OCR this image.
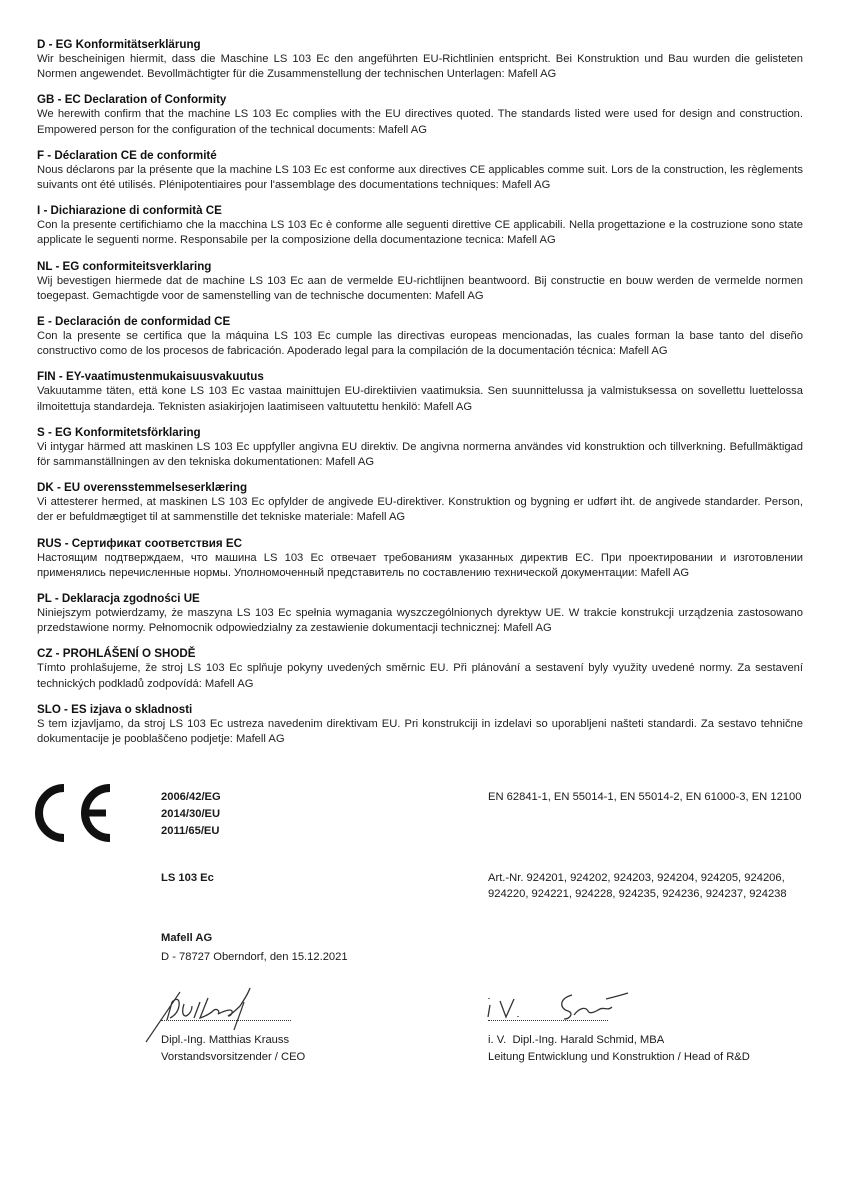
D - EG Konformitätserklärung

Wir bescheinigen hiermit, dass die Maschine LS 103 Ec den angeführten EU-Richtlinien entspricht. Bei Konstruktion und Bau wurden die gelisteten Normen angewendet. Bevollmächtigter für die Zusammenstellung der technischen Unterlagen: Mafell AG

GB - EC Declaration of Conformity

We herewith confirm that the machine LS 103 Ec complies with the EU directives quoted. The standards listed were used for design and construction. Empowered person for the configuration of the technical documents: Mafell AG

F - Déclaration CE de conformité

Nous déclarons par la présente que la machine LS 103 Ec est conforme aux directives CE applicables comme suit. Lors de la construction, les règlements suivants ont été utilisés. Plénipotentiaires pour l'assemblage des documentations techniques: Mafell AG

I - Dichiarazione di conformità CE

Con la presente certifichiamo che la macchina LS 103 Ec è conforme alle seguenti direttive CE applicabili. Nella progettazione e la costruzione sono state applicate le seguenti norme. Responsabile per la composizione della documentazione tecnica: Mafell AG

NL - EG conformiteitsverklaring

Wij bevestigen hiermede dat de machine LS 103 Ec aan de vermelde EU-richtlijnen beantwoord. Bij constructie en bouw werden de vermelde normen toegepast. Gemachtigde voor de samenstelling van de technische documenten: Mafell AG

E - Declaración de conformidad CE

Con la presente se certifica que la máquina LS 103 Ec cumple las directivas europeas mencionadas, las cuales forman la base tanto del diseño constructivo como de los procesos de fabricación. Apoderado legal para la compilación de la documentación técnica: Mafell AG

FIN - EY-vaatimustenmukaisuusvakuutus

Vakuutamme täten, että kone LS 103 Ec vastaa mainittujen EU-direktiivien vaatimuksia. Sen suunnittelussa ja valmistuksessa on sovellettu luettelossa ilmoitettuja standardeja. Teknisten asiakirjojen laatimiseen valtuutettu henkilö: Mafell AG

S - EG Konformitetsförklaring

Vi intygar härmed att maskinen LS 103 Ec uppfyller angivna EU direktiv. De angivna normerna användes vid konstruktion och tillverkning. Befullmäktigad för sammanställningen av den tekniska dokumentationen: Mafell AG

DK - EU overensstemmelseserklæring

Vi attesterer hermed, at maskinen LS 103 Ec opfylder de angivede EU-direktiver. Konstruktion og bygning er udført iht. de angivede standarder. Person, der er befuldmægtiget til at sammenstille det tekniske materiale: Mafell AG

RUS - Сертификат соответствия ЕС

Настоящим подтверждаем, что машина LS 103 Ec отвечает требованиям указанных директив ЕС. При проектировании и изготовлении применялись перечисленные нормы. Уполномоченный представитель по составлению технической документации: Mafell AG

PL - Deklaracja zgodności UE

Niniejszym potwierdzamy, że maszyna LS 103 Ec spełnia wymagania wyszczególnionych dyrektyw UE. W trakcie konstrukcji urządzenia zastosowano przedstawione normy. Pełnomocnik odpowiedzialny za zestawienie dokumentacji technicznej: Mafell AG

CZ - PROHLÁŠENÍ O SHODĚ

Tímto prohlašujeme, že stroj LS 103 Ec splňuje pokyny uvedených směrnic EU. Při plánování a sestavení byly využity uvedené normy. Za sestavení technických podkladů zodpovídá: Mafell AG

SLO - ES izjava o skladnosti

S tem izjavljamo, da stroj LS 103 Ec ustreza navedenim direktivam EU. Pri konstrukciji in izdelavi so uporabljeni našteti standardi. Za sestavo tehnične dokumentacije je pooblaščeno podjetje: Mafell AG

2006/42/EG
2014/30/EU
2011/65/EU
EN 62841-1, EN 55014-1, EN 55014-2, EN 61000-3, EN 12100
LS 103 Ec	Art.-Nr. 924201, 924202, 924203, 924204, 924205, 924206, 924220, 924221, 924228, 924235, 924236, 924237, 924238
Mafell AG
D - 78727 Oberndorf, den 15.12.2021
Dipl.-Ing. Matthias Krauss
Vorstandsvorsitzender / CEO
i. V.  Dipl.-Ing. Harald Schmid, MBA
Leitung Entwicklung und Konstruktion / Head of R&D
